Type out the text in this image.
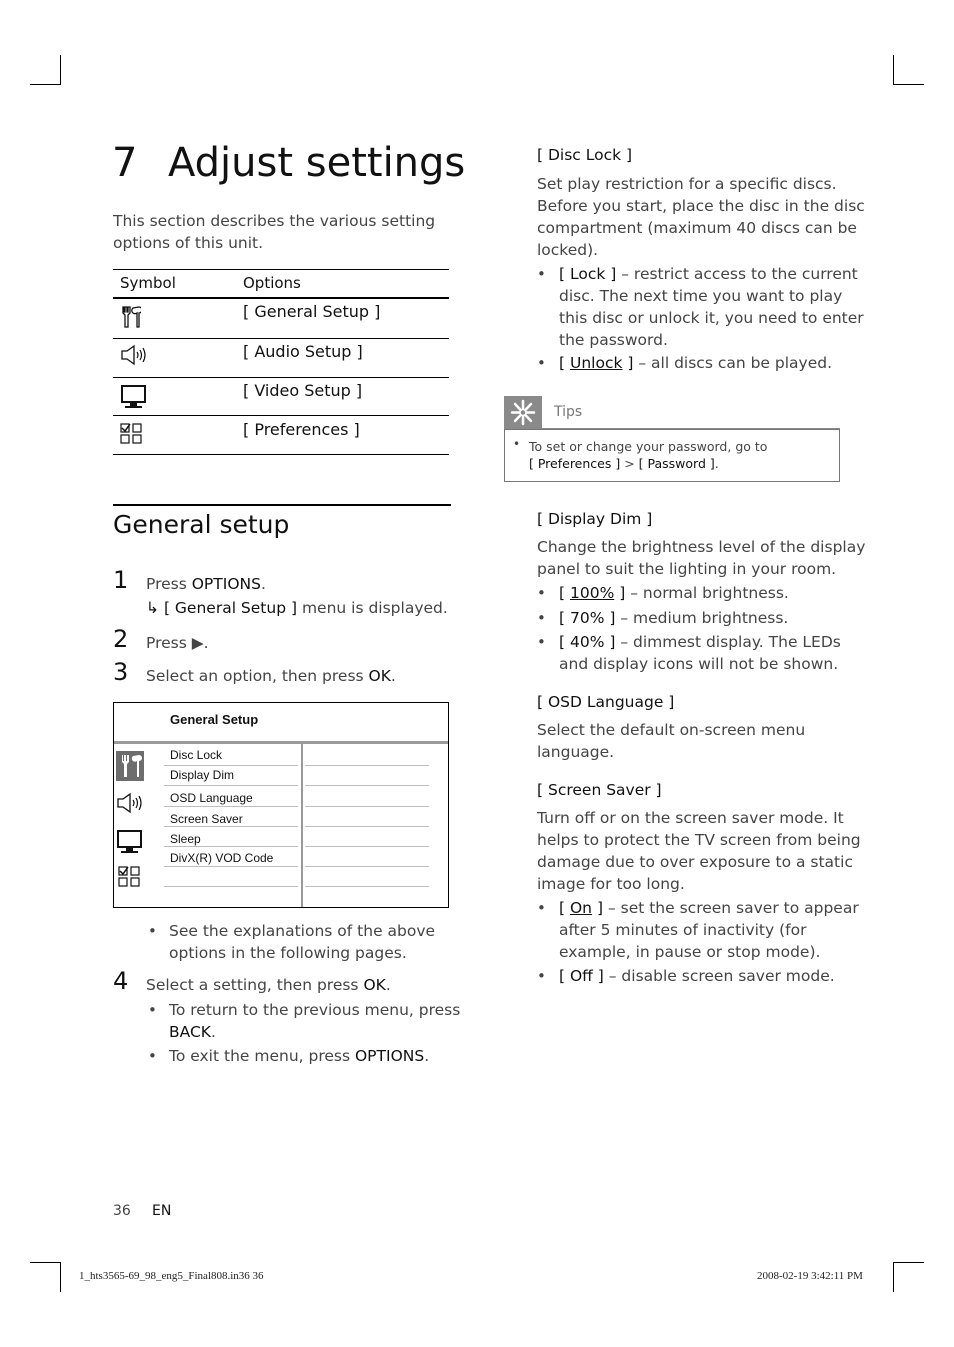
7 Adjust settings
This section describes the various setting
options of this unit.
Symbol	Options
[ General Setup ]
[ Audio Setup ]
[ Video Setup ]
[ Preferences ]
General setup
1 Press OPTIONS.
↳ [ General Setup ] menu is displayed.
2 Press ▶.
3 Select an option, then press OK.
General Setup
Disc Lock
Display Dim
OSD Language
Screen Saver
Sleep
DivX(R) VOD Code
• See the explanations of the above
options in the following pages.
4 Select a setting, then press OK.
• To return to the previous menu, press
BACK.
• To exit the menu, press OPTIONS.
[ Disc Lock ]
Set play restriction for a specific discs.
Before you start, place the disc in the disc
compartment (maximum 40 discs can be
locked).
• [ Lock ] – restrict access to the current
disc. The next time you want to play
this disc or unlock it, you need to enter
the password.
• [ Unlock ] – all discs can be played.
Tips
• To set or change your password, go to
[ Preferences ] > [ Password ].
[ Display Dim ]
Change the brightness level of the display
panel to suit the lighting in your room.
• [ 100% ] – normal brightness.
• [ 70% ] – medium brightness.
• [ 40% ] – dimmest display. The LEDs
and display icons will not be shown.
[ OSD Language ]
Select the default on-screen menu
language.
[ Screen Saver ]
Turn off or on the screen saver mode. It
helps to protect the TV screen from being
damage due to over exposure to a static
image for too long.
• [ On ] – set the screen saver to appear
after 5 minutes of inactivity (for
example, in pause or stop mode).
• [ Off ] – disable screen saver mode.
36 EN
1_hts3565-69_98_eng5_Final808.in36 36	2008-02-19 3:42:11 PM
